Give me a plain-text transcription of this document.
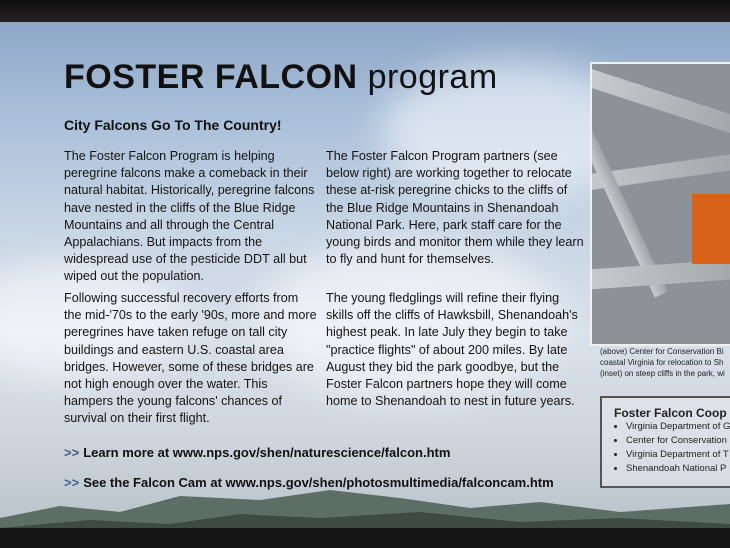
FOSTER FALCON program
City Falcons Go To The Country!
The Foster Falcon Program is helping peregrine falcons make a comeback in their natural habitat. Historically, peregrine falcons have nested in the cliffs of the Blue Ridge Mountains and all through the Central Appalachians. But impacts from the widespread use of the pesticide DDT all but wiped out the population.
Following successful recovery efforts from the mid-'70s to the early '90s, more and more peregrines have taken refuge on tall city buildings and eastern U.S. coastal area bridges. However, some of these bridges are not high enough over the water. This hampers the young falcons' chances of survival on their first flight.
The Foster Falcon Program partners (see below right) are working together to relocate these at-risk peregrine chicks to the cliffs of the Blue Ridge Mountains in Shenandoah National Park. Here, park staff care for the young birds and monitor them while they learn to fly and hunt for themselves.
The young fledglings will refine their flying skills off the cliffs of Hawksbill, Shenandoah's highest peak. In late July they begin to take "practice flights" of about 200 miles. By late August they bid the park goodbye, but the Foster Falcon partners hope they will come home to Shenandoah to nest in future years.
>> Learn more at www.nps.gov/shen/naturescience/falcon.htm
>> See the Falcon Cam at www.nps.gov/shen/photosmultimedia/falconcam.htm
(above) Center for Conservation Bi
coastal Virginia for relocation to Sh
(inset) on steep cliffs in the park, wi
Foster Falcon Coop
• Virginia Department of G
• Center for Conservation
• Virginia Department of T
• Shenandoah National P
